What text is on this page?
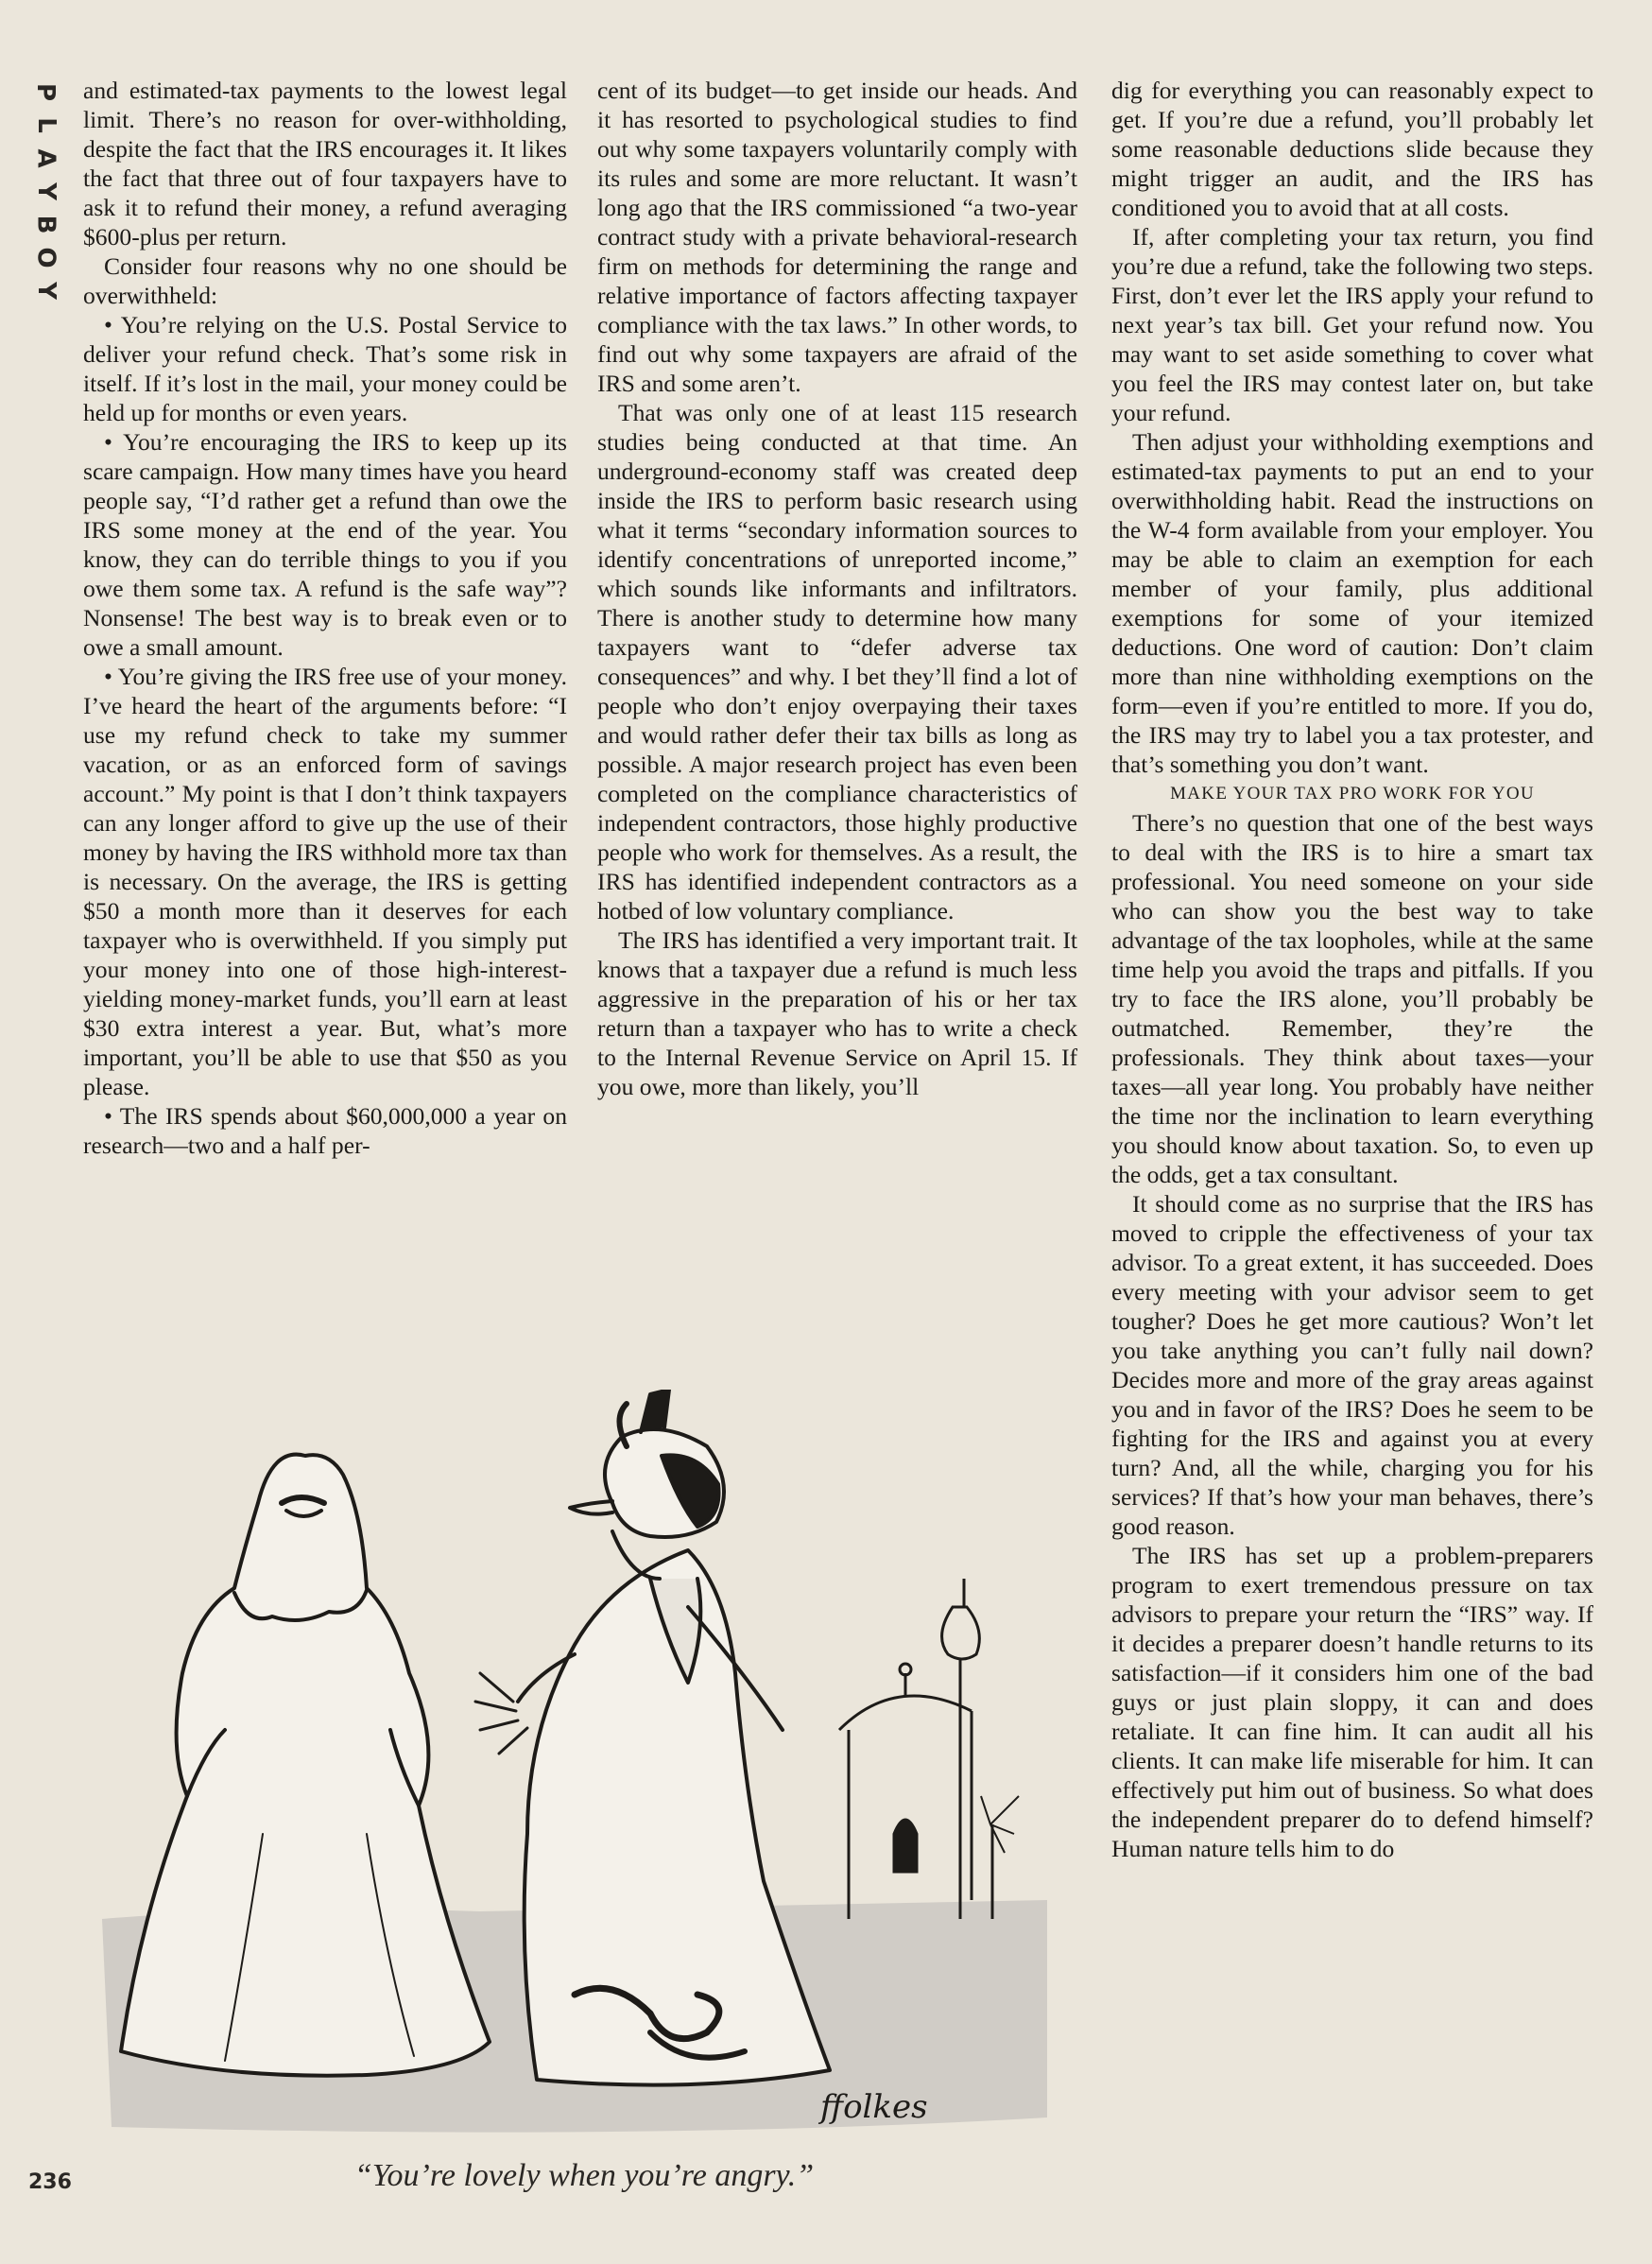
P
L
A
Y
B
O
Y

and estimated-tax payments to the lowest legal limit. There’s no reason for over-withholding, despite the fact that the IRS encourages it. It likes the fact that three out of four taxpayers have to ask it to refund their money, a refund averaging $600-plus per return.

Consider four reasons why no one should be overwithheld:

• You’re relying on the U.S. Postal Service to deliver your refund check. That’s some risk in itself. If it’s lost in the mail, your money could be held up for months or even years.

• You’re encouraging the IRS to keep up its scare campaign. How many times have you heard people say, “I’d rather get a refund than owe the IRS some money at the end of the year. You know, they can do terrible things to you if you owe them some tax. A refund is the safe way”? Nonsense! The best way is to break even or to owe a small amount.

• You’re giving the IRS free use of your money. I’ve heard the heart of the arguments before: “I use my refund check to take my summer vacation, or as an enforced form of savings account.” My point is that I don’t think taxpayers can any longer afford to give up the use of their money by having the IRS withhold more tax than is necessary. On the average, the IRS is getting $50 a month more than it deserves for each taxpayer who is overwithheld. If you simply put your money into one of those high-interest-yielding money-market funds, you’ll earn at least $30 extra interest a year. But, what’s more important, you’ll be able to use that $50 as you please.

• The IRS spends about $60,000,000 a year on research—two and a half per-

cent of its budget—to get inside our heads. And it has resorted to psychological studies to find out why some taxpayers voluntarily comply with its rules and some are more reluctant. It wasn’t long ago that the IRS commissioned “a two-year contract study with a private behavioral-research firm on methods for determining the range and relative importance of factors affecting taxpayer compliance with the tax laws.” In other words, to find out why some taxpayers are afraid of the IRS and some aren’t.

That was only one of at least 115 research studies being conducted at that time. An underground-economy staff was created deep inside the IRS to perform basic research using what it terms “secondary information sources to identify concentrations of unreported income,” which sounds like informants and infiltrators. There is another study to determine how many taxpayers want to “defer adverse tax consequences” and why. I bet they’ll find a lot of people who don’t enjoy overpaying their taxes and would rather defer their tax bills as long as possible. A major research project has even been completed on the compliance characteristics of independent contractors, those highly productive people who work for themselves. As a result, the IRS has identified independent contractors as a hotbed of low voluntary compliance.

The IRS has identified a very important trait. It knows that a taxpayer due a refund is much less aggressive in the preparation of his or her tax return than a taxpayer who has to write a check to the Internal Revenue Service on April 15. If you owe, more than likely, you’ll

dig for everything you can reasonably expect to get. If you’re due a refund, you’ll probably let some reasonable deductions slide because they might trigger an audit, and the IRS has conditioned you to avoid that at all costs.

If, after completing your tax return, you find you’re due a refund, take the following two steps. First, don’t ever let the IRS apply your refund to next year’s tax bill. Get your refund now. You may want to set aside something to cover what you feel the IRS may contest later on, but take your refund.

Then adjust your withholding exemptions and estimated-tax payments to put an end to your overwithholding habit. Read the instructions on the W-4 form available from your employer. You may be able to claim an exemption for each member of your family, plus additional exemptions for some of your itemized deductions. One word of caution: Don’t claim more than nine withholding exemptions on the form—even if you’re entitled to more. If you do, the IRS may try to label you a tax protester, and that’s something you don’t want.

MAKE YOUR TAX PRO WORK FOR YOU

There’s no question that one of the best ways to deal with the IRS is to hire a smart tax professional. You need someone on your side who can show you the best way to take advantage of the tax loopholes, while at the same time help you avoid the traps and pitfalls. If you try to face the IRS alone, you’ll probably be outmatched. Remember, they’re the professionals. They think about taxes—your taxes—all year long. You probably have neither the time nor the inclination to learn everything you should know about taxation. So, to even up the odds, get a tax consultant.

It should come as no surprise that the IRS has moved to cripple the effectiveness of your tax advisor. To a great extent, it has succeeded. Does every meeting with your advisor seem to get tougher? Does he get more cautious? Won’t let you take anything you can’t fully nail down? Decides more and more of the gray areas against you and in favor of the IRS? Does he seem to be fighting for the IRS and against you at every turn? And, all the while, charging you for his services? If that’s how your man behaves, there’s good reason.

The IRS has set up a problem-preparers program to exert tremendous pressure on tax advisors to prepare your return the “IRS” way. If it decides a preparer doesn’t handle returns to its satisfaction—if it considers him one of the bad guys or just plain sloppy, it can and does retaliate. It can fine him. It can audit all his clients. It can make life miserable for him. It can effectively put him out of business. So what does the independent preparer do to defend himself? Human nature tells him to do

ffolkes
“You’re lovely when you’re angry.”
236
